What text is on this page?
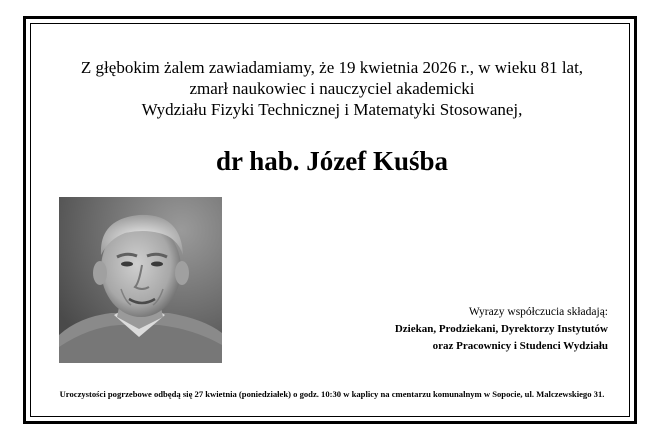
Z głębokim żalem zawiadamiamy, że 19 kwietnia 2026 r., w wieku 81 lat,
zmarł naukowiec i nauczyciel akademicki
Wydziału Fizyki Technicznej i Matematyki Stosowanej,
dr hab. Józef Kuśba
Wyrazy współczucia składają:
Dziekan, Prodziekani, Dyrektorzy Instytutów
oraz Pracownicy i Studenci Wydziału
Uroczystości pogrzebowe odbędą się 27 kwietnia (poniedziałek) o godz. 10:30 w kaplicy na cmentarzu komunalnym w Sopocie, ul. Malczewskiego 31.
